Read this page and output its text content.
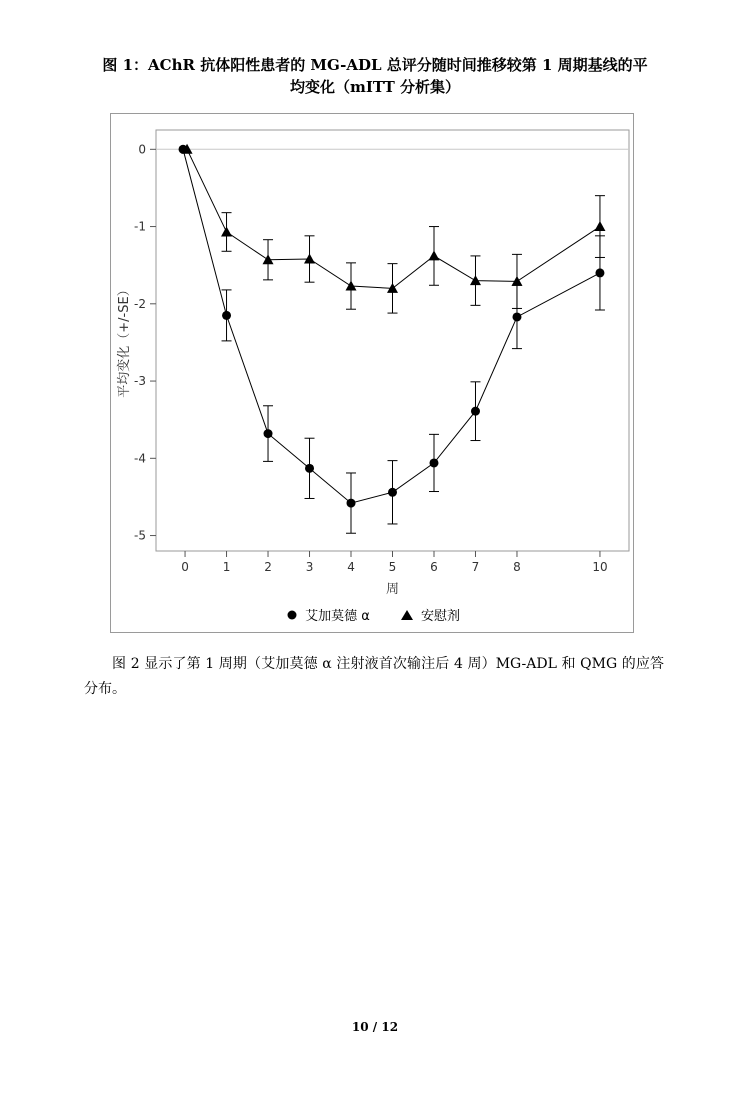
图 1：AChR 抗体阳性患者的 MG-ADL 总评分随时间推移较第 1 周期基线的平
均变化（mITT 分析集）
0
-1
-2
-3
-4
-5
0	1	2	3	4	5	6	7	8	10
周
平均变化（+/-SE）
艾加莫德 α	安慰剂
图 2 显示了第 1 周期（艾加莫德 α 注射液首次输注后 4 周）MG-ADL 和 QMG 的应答分布。
10 / 12
